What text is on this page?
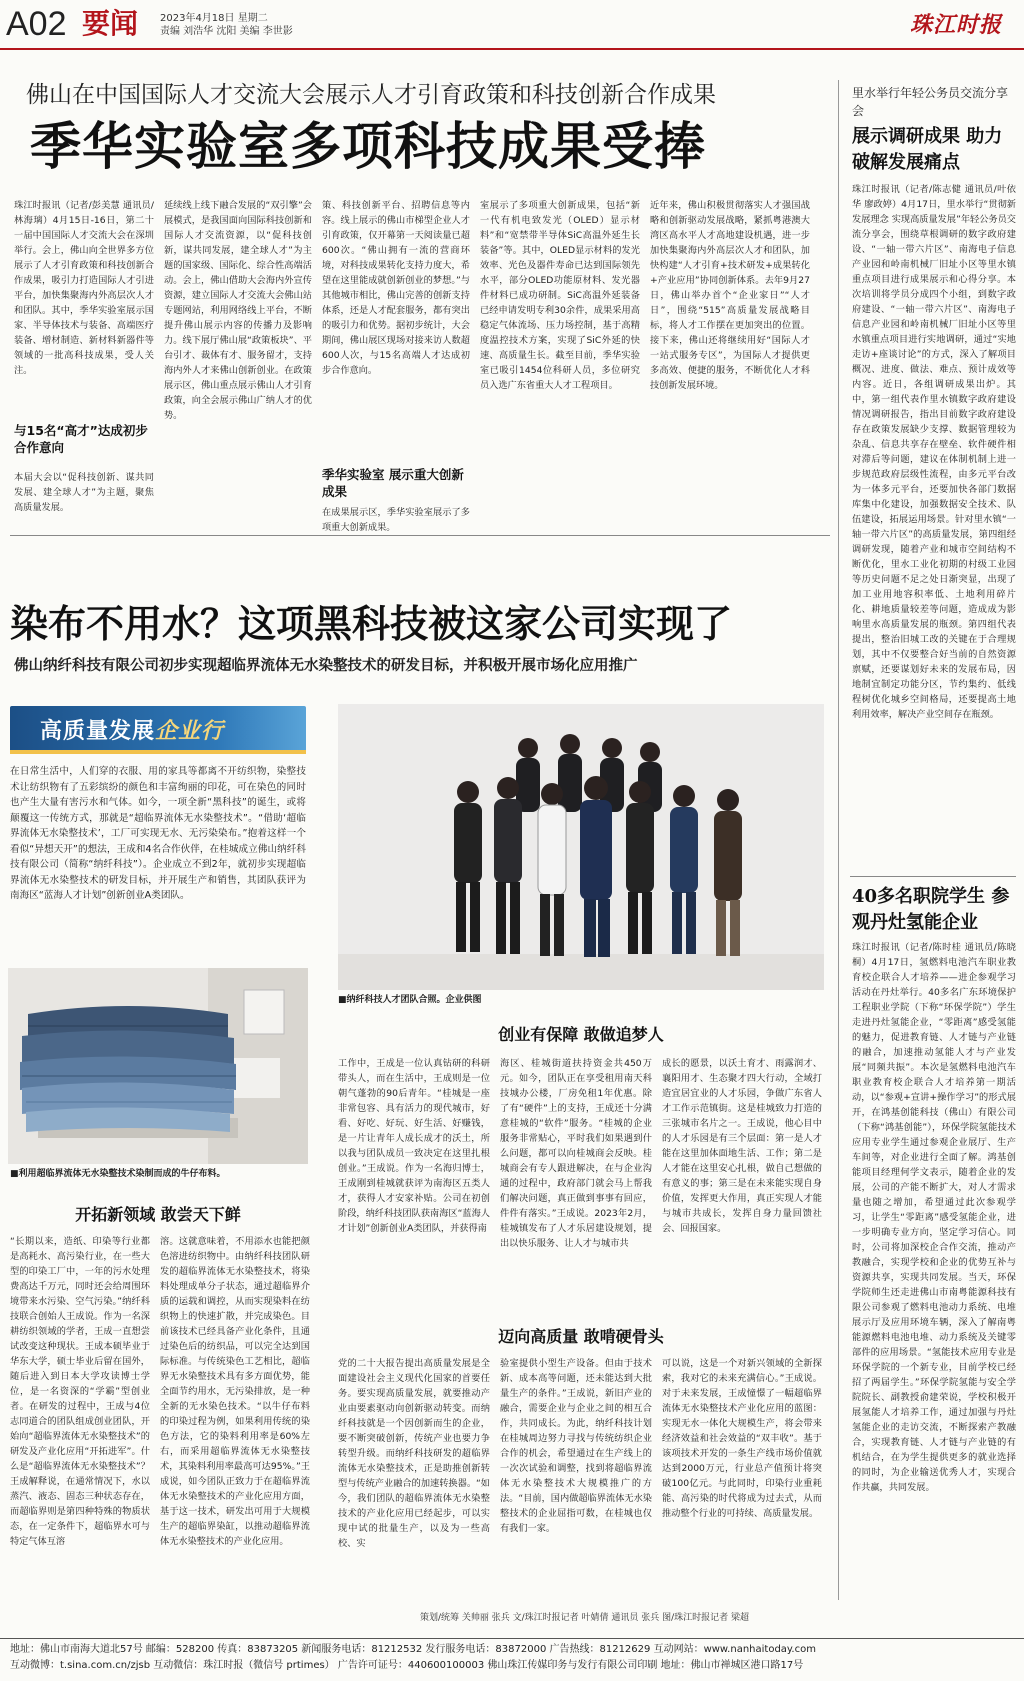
A02 要闻 2023年4月18日 星期二
责编 刘浩华 沈阳 美编 李世影	珠江时报
佛山在中国国际人才交流大会展示人才引育政策和科技创新合作成果
季华实验室多项科技成果受捧
珠江时报讯（记者/彭美慧 通讯员/林海璃）4月15日-16日，第二十一届中国国际人才交流大会在深圳举行。会上，佛山向全世界多方位展示了人才引育政策和科技创新合作成果，吸引力打造国际人才引进平台，加快集聚海内外高层次人才和团队。其中，季华实验室展示国家、半导体技术与装备、高端医疗装备、增材制造、新材料新器件等领域的一批高科技成果，受人关注。
与15名“高才”达成初步合作意向
本届大会以“促科技创新、谋共同发展、建全球人才”为主题，聚焦高质量发展。
延续线上线下融合发展的“双引擎”会展模式，是我国面向国际科技创新和国际人才交流资源，以“促科技创新，谋共同发展，建全球人才”为主题的国家级、国际化、综合性高端活动。会上，佛山借助大会海内外宣传资源，建立国际人才交流大会佛山站专题网站，利用网络线上平台，不断提升佛山展示内容的传播力及影响力。线下展厅佛山展“政策板块”、平台引才、裁体有才、服务留才，支持海内外人才来佛山创新创业。在政策展示区，佛山重点展示佛山人才引育政策，向全会展示佛山广纳人才的优势。
策、科技创新平台、招聘信息等内容。线上展示的佛山市梯型企业人才引育政策，仅开幕第一天阅读量已超600次。“佛山拥有一流的营商环境，对科技成果转化支持力度大，希望在这里能成就创新创业的梦想。”与其他城市相比，佛山完善的创新支持体系，还是人才配套服务，都有突出的吸引力和优势。据初步统计，大会期间，佛山展区现场对接来访人数超600人次，与15名高端人才达成初步合作意向。
季华实验室 展示重大创新成果
在成果展示区，季华实验室展示了多项重大创新成果。
室展示了多项重大创新成果，包括“新一代有机电致发光（OLED）显示材料”和“宽禁带半导体SiC高温外延生长装备”等。其中，OLED显示材料的发光效率、光色及器件寿命已达到国际领先水平，部分OLED功能原材料、发光器件材料已成功研制。SiC高温外延装备已经申请发明专利30余件，成果采用高稳定气体流场、压力场控制，基于高精度温控技术方案，实现了SiC外延的快速、高质量生长。截至目前，季华实验室已吸引1454位科研人员，多位研究员入选广东省重大人才工程项目。
近年来，佛山积极贯彻落实人才强国战略和创新驱动发展战略，紧抓粤港澳大湾区高水平人才高地建设机遇，进一步加快集聚海内外高层次人才和团队，加快构建“人才引育+技术研发+成果转化+产业应用”协同创新体系。去年9月27日，佛山举办首个“企业家日”“人才日”，围绕“515”高质量发展战略目标，将人才工作摆在更加突出的位置。接下来，佛山还将继续用好“国际人才一站式服务专区”，为国际人才提供更多高效、便捷的服务，不断优化人才科技创新发展环境。
染布不用水？这项黑科技被这家公司实现了
佛山纳纤科技有限公司初步实现超临界流体无水染整技术的研发目标，并积极开展市场化应用推广
高质量发展企业行
在日常生活中，人们穿的衣服、用的家具等都离不开纺织物，染整技术让纺织物有了五彩缤纷的颜色和丰富绚丽的印花，可在染色的同时也产生大量有害污水和气体。如今，一项全新“黑科技”的诞生，或将颠覆这一传统方式，那就是“超临界流体无水染整技术”。“借助‘超临界流体无水染整技术’，工厂可实现无水、无污染染布。”抱着这样一个看似“异想天开”的想法，王成和4名合作伙伴，在桂城成立佛山纳纤科技有限公司（简称“纳纤科技”）。企业成立不到2年，就初步实现超临界流体无水染整技术的研发目标，并开展生产和销售，其团队获评为南海区“蓝海人才计划”创新创业A类团队。
■利用超临界流体无水染整技术染制而成的牛仔布料。
■纳纤科技人才团队合照。企业供图
创业有保障 敢做追梦人
工作中，王成是一位认真钻研的科研带头人，而在生活中，王成则是一位朝气蓬勃的90后青年。“桂城是一座非常包容、具有活力的现代城市，好看、好吃、好玩、好生活、好赚钱，是一片让青年人成长成才的沃土，所以我与团队成员一致决定在这里扎根创业。”王成说。作为一名海归博士，王成刚到桂城就获评为南海区五类人才，获得人才安家补贴。公司在初创阶段，纳纤科技团队获南海区“蓝海人才计划”创新创业A类团队，并获得南
海区、桂城街道扶持资金共450万元。如今，团队正在享受租用南天科技城办公楼，厂房免租1年优惠。除了有“硬件”上的支持，王成还十分满意桂城的“软件”服务。“桂城的企业服务非常贴心，平时我们如果遇到什么问题，都可以向桂城商会反映。桂城商会有专人跟进解决，在与企业沟通的过程中，政府部门就会马上帮我们解决问题，真正做到事事有回应，件件有落实。”王成说。2023年2月，桂城镇发布了人才乐居建设规划，提出以快乐服务、让人才与城市共
成长的愿景，以沃土育才、雨露润才、襄阳用才、生态聚才四大行动，全域打造宜居宜业的人才乐园，争做广东省人才工作示范镇街。这是桂城致力打造的三张城市名片之一。王成说，他心目中的人才乐园是有三个层面：第一是人才能在这里加体面地生活、工作；第二是人才能在这里安心扎根，做自己想做的有意义的事；第三是在未来能实现自身价值，发挥更大作用，真正实现人才能与城市共成长，发挥自身力量回馈社会、回报国家。
开拓新领域 敢尝天下鲜
“长期以来，造纸、印染等行业都是高耗水、高污染行业，在一些大型的印染工厂中，一年的污水处理费高达千万元，同时还会给周围环境带来水污染、空气污染。”纳纤科技联合创始人王成说。作为一名深耕纺织领域的学者，王成一直想尝试改变这种现状。王成本硕毕业于华东大学，硕士毕业后留在国外，随后进入到日本大学攻读博士学位，是一名资深的“学霸”型创业者。在研发的过程中，王成与4位志同道合的团队组成创业团队，开始向“超临界流体无水染整技术”的研发及产业化应用“开拓进军”。什么是“超临界流体无水染整技术”？王成解释说，在通常情况下，水以蒸汽、液态、固态三种状态存在，而超临界则是第四种特殊的物质状态，在一定条件下，超临界水可与特定气体互溶
溶。这就意味着，不用添水也能把颜色溶进纺织物中。由纳纤科技团队研发的超临界流体无水染整技术，将染料处理成单分子状态，通过超临界介质的运载和调控，从而实现染料在纺织物上的快速扩散，并完成染色。目前该技术已经具备产业化条件，且通过染色后的纺织品，可以完全达到国际标准。与传统染色工艺相比，超临界无水染整技术具有多方面优势，能全面节约用水，无污染排放，是一种全新的无水染色技术。“以牛仔布料的印染过程为例，如果利用传统的染色方法，它的染料利用率是60%左右，而采用超临界流体无水染整技术，其染料利用率最高可达95%。”王成说，如今团队正致力于在超临界流体无水染整技术的产业化应用方面，基于这一技术，研发出可用于大规模生产的超临界染缸，以推动超临界流体无水染整技术的产业化应用。
迈向高质量 敢啃硬骨头
党的二十大报告提出高质量发展是全面建设社会主义现代化国家的首要任务。要实现高质量发展，就要推动产业由要素驱动向创新驱动转变。而纳纤科技就是一个因创新而生的企业，要不断突破创新，传统产业也要力争转型升级。而纳纤科技研发的超临界流体无水染整技术，正是助推创新转型与传统产业融合的加速转换器。“如今，我们团队的超临界流体无水染整技术的产业化应用已经起步，可以实现中试的批量生产，以及为一些高校、实
验室提供小型生产设备。但由于技术新、成本高等问题，还未能达到大批量生产的条件。”王成说，新旧产业的融合，需要企业与企业之间的相互合作，共同成长。为此，纳纤科技计划在桂城周边努力寻找与传统纺织企业合作的机会，希望通过在生产线上的一次次试验和调整，找到将超临界流体无水染整技术大规模推广的方法。“目前，国内做超临界流体无水染整技术的企业屈指可数，在桂城也仅有我们一家。
可以说，这是一个对新兴领域的全新探索，我对它的未来充满信心。”王成说。对于未来发展，王成憧憬了一幅超临界流体无水染整技术产业化应用的蓝图：实现无水一体化大规模生产，将会带来经济效益和社会效益的“双丰收”。基于该项技术开发的一条生产线市场价值就达到2000万元，行业总产值预计将突破100亿元。与此同时，印染行业重耗能、高污染的时代将成为过去式，从而推动整个行业的可持续、高质量发展。
策划/统筹 关帅丽 张兵 文/珠江时报记者 叶婧倩 通讯员 张兵 图/珠江时报记者 梁超
里水举行年轻公务员交流分享会
展示调研成果 助力破解发展痛点
珠江时报讯（记者/陈志健 通讯员/叶依华 廖政婷）4月17日，里水举行“贯彻新发展理念 实现高质量发展”年轻公务员交流分享会，围绕草根调研的数字政府建设、“一轴一带六片区”、南海电子信息产业园和岭南机械厂旧址小区等里水镇重点项目进行成果展示和心得分享。本次培训将学员分成四个小组，到数字政府建设、“一轴一带六片区”、南海电子信息产业园和岭南机械厂旧址小区等里水镇重点项目进行实地调研，通过“实地走访+座谈讨论”的方式，深入了解项目概况、进度、做法、难点、预计成效等内容。近日，各组调研成果出炉。其中，第一组代表作里水镇数字政府建设情况调研报告，指出目前数字政府建设存在政策发展缺少支撑、数据管理较为杂乱、信息共享存在壁垒、软件硬件相对滞后等问题，建议在体制机制上进一步规范政府层级性流程，由多元平台改为一体多元平台，还要加快各部门数据库集中化建设，加强数据安全技术、队伍建设，拓展运用场景。针对里水镇“一轴一带六片区”的高质量发展，第四组经调研发现，随着产业和城市空间结构不断优化，里水工业化初期的村级工业园等历史问题不足之处日渐突显，出现了加工业用地容积率低、土地利用碎片化、耕地质量较差等问题，造成成为影响里水高质量发展的瓶颈。第四组代表提出，整治旧城工改的关键在于合理规划，其中不仅要整合好当前的自然资源禀赋，还要谋划好未来的发展布局，因地制宜制定功能分区，节约集约、低线程树优化城乡空间格局，还要提高土地利用效率，解决产业空间存在瓶颈。
40多名职院学生 参观丹灶氢能企业
珠江时报讯（记者/陈时桂 通讯员/陈晓桐）4月17日，氢燃料电池汽车职业教育校企联合人才培养——进企参观学习活动在丹灶举行。40多名广东环境保护工程职业学院（下称“环保学院”）学生走进丹灶氢能企业，“零距离”感受氢能的魅力，促进教育链、人才链与产业链的融合，加速推动氢能人才与产业发展“同频共振”。本次是氢燃料电池汽车职业教育校企联合人才培养第一期活动，以“参观+宣讲+操作学习”的形式展开，在鸿基创能科技（佛山）有限公司（下称“鸿基创能”），环保学院氢能技术应用专业学生通过参观企业展厅、生产车间等，对企业进行全面了解。鸿基创能项目经理何学文表示，随着企业的发展，公司的产能不断扩大，对人才需求量也随之增加，希望通过此次参观学习，让学生“零距离”感受氢能企业，进一步明确专业方向，坚定学习信心。同时，公司将加深校企合作交流，推动产教融合，实现学校和企业的优势互补与资源共享，实现共同发展。当天，环保学院师生还走进佛山市南粤能源科技有限公司参观了燃料电池动力系统、电堆展示厅及应用环境车辆，深入了解南粤能源燃料电池电堆、动力系统及关键零部件的应用场景。“氢能技术应用专业是环保学院的一个新专业，目前学校已经招了两届学生。”环保学院氢能与安全学院院长、副教授俞建荣说，学校积极开展氢能人才培养工作，通过加强与丹灶氢能企业的走访交流，不断探索产教融合，实现教育链、人才链与产业链的有机结合，在为学生提供更多的就业选择的同时，为企业输送优秀人才，实现合作共赢，共同发展。
地址：佛山市南海大道北57号 邮编：528200 传真：83873205 新闻服务电话：81212532 发行服务电话：83872000 广告热线：81212629 互动网站：www.nanhaitoday.com
互动微博：t.sina.com.cn/zjsb 互动微信：珠江时报（微信号 prtimes） 广告许可证号：440600100003 佛山珠江传媒印务与发行有限公司印刷 地址：佛山市禅城区港口路17号
